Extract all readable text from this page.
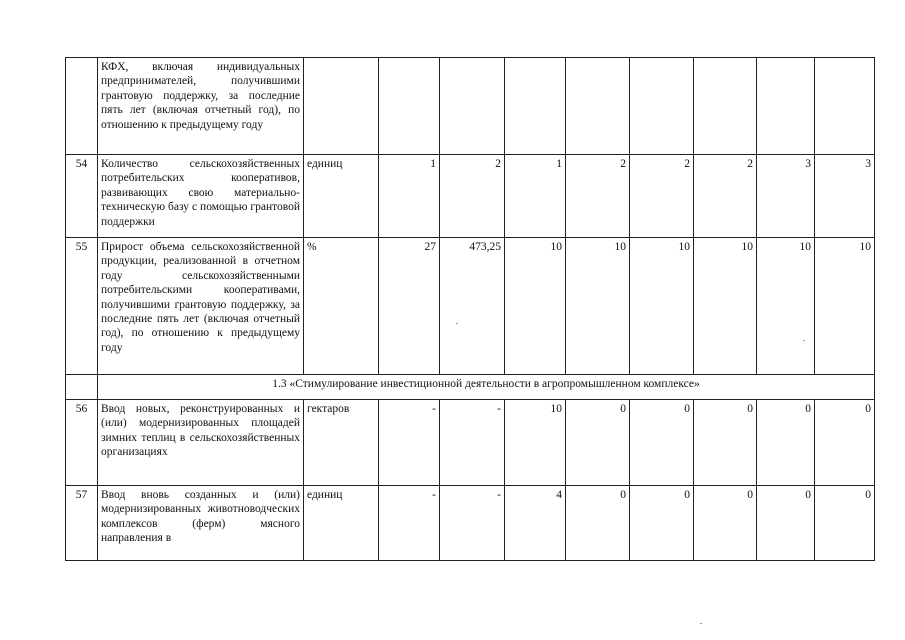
	КФХ, включая индивидуальных предпринимателей, получившими грантовую поддержку, за последние пять лет (включая отчетный год), по отношению к предыдущему году									
54	Количество сельскохозяйственных потребительских кооперативов, развивающих свою материально-техническую базу с помощью грантовой поддержки	единиц	1	2	1	2	2	2	3	3
55	Прирост объема сельскохозяйственной продукции, реализованной в отчетном году сельскохозяйственными потребительскими кооперативами, получившими грантовую поддержку, за последние пять лет (включая отчетный год), по отношению к предыдущему году	%	27	473,25	10	10	10	10	10	10
	1.3 «Стимулирование инвестиционной деятельности в агропромышленном комплексе»									
56	Ввод новых, реконструированных и (или) модернизированных площадей зимних теплиц в сельскохозяйственных организациях	гектаров	-	-	10	0	0	0	0	0
57	Ввод вновь созданных и (или) модернизированных животноводческих комплексов (ферм) мясного направления в	единиц	-	-	4	0	0	0	0	0
